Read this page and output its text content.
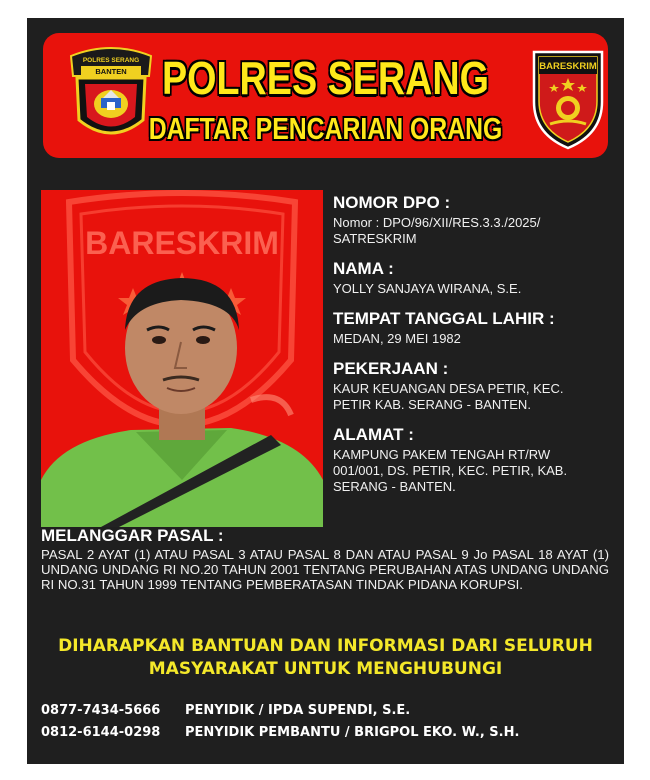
POLRES SERANG
BANTEN POLRES SERANG
DAFTAR PENCARIAN ORANG
BARESKRIM
BARESKRIM
NOMOR DPO :
Nomor : DPO/96/XII/RES.3.3./2025/
SATRESKRIM
NAMA :
YOLLY SANJAYA WIRANA, S.E.
TEMPAT TANGGAL LAHIR :
MEDAN, 29 MEI 1982
PEKERJAAN :
KAUR KEUANGAN DESA PETIR, KEC.
PETIR KAB. SERANG - BANTEN.
ALAMAT :
KAMPUNG PAKEM TENGAH RT/RW
001/001, DS. PETIR, KEC. PETIR, KAB.
SERANG - BANTEN.
MELANGGAR PASAL :
PASAL 2 AYAT (1) ATAU PASAL 3 ATAU PASAL 8 DAN ATAU PASAL 9 Jo PASAL 18 AYAT (1) UNDANG UNDANG RI NO.20 TAHUN 2001 TENTANG PERUBAHAN ATAS UNDANG UNDANG RI NO.31 TAHUN 1999 TENTANG PEMBERATASAN TINDAK PIDANA KORUPSI.
DIHARAPKAN BANTUAN DAN INFORMASI DARI SELURUH
MASYARAKAT UNTUK MENGHUBUNGI
0877-7434-5666 PENYIDIK / IPDA SUPENDI, S.E.
0812-6144-0298 PENYIDIK PEMBANTU / BRIGPOL EKO. W., S.H.
